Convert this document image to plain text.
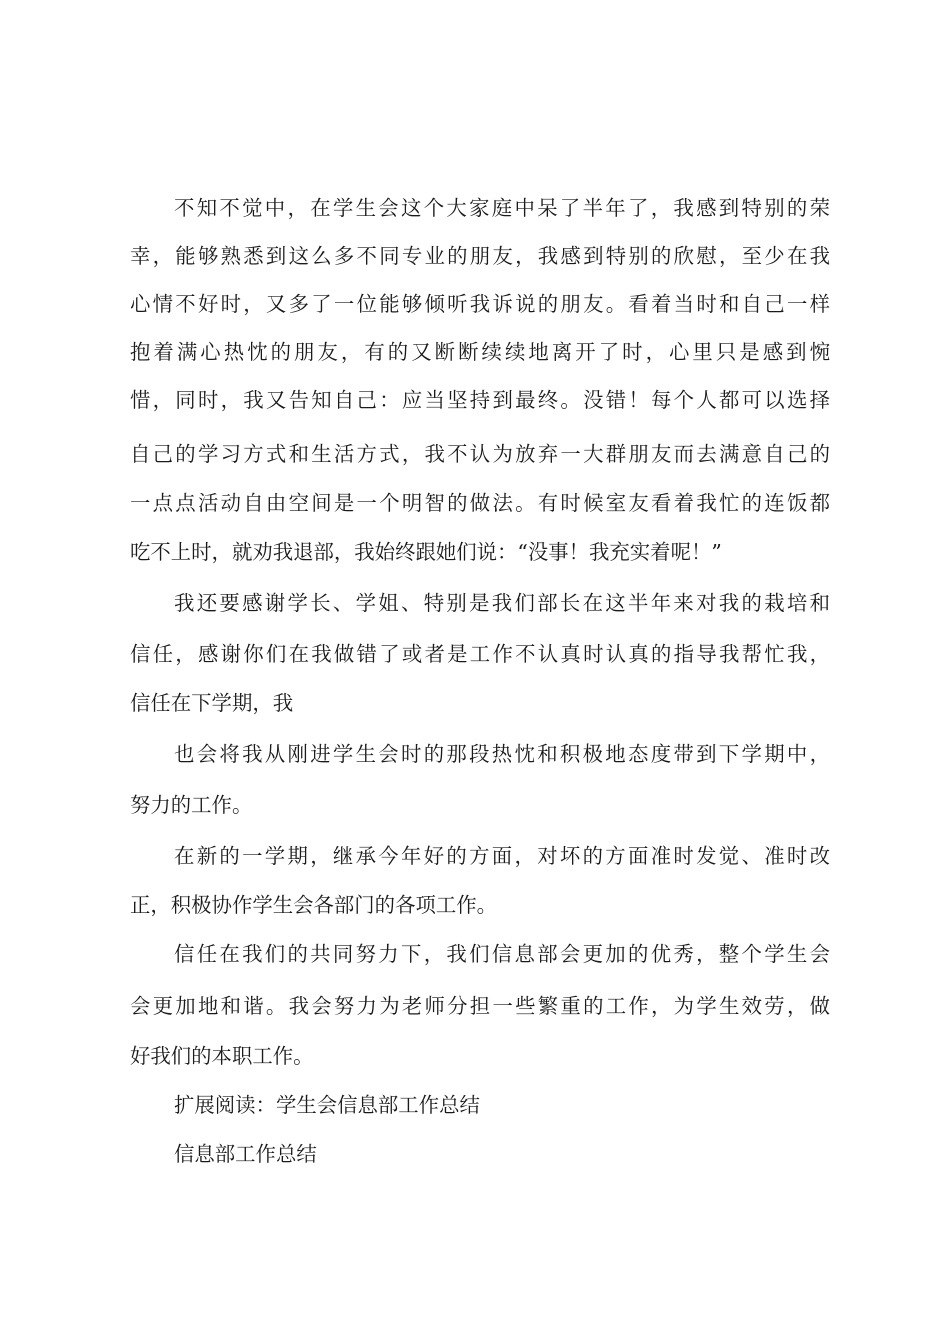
不知不觉中，在学生会这个大家庭中呆了半年了，我感到特别的荣
幸，能够熟悉到这么多不同专业的朋友，我感到特别的欣慰，至少在我
心情不好时，又多了一位能够倾听我诉说的朋友。看着当时和自己一样
抱着满心热忱的朋友，有的又断断续续地离开了时，心里只是感到惋
惜，同时，我又告知自己：应当坚持到最终。没错！每个人都可以选择
自己的学习方式和生活方式，我不认为放弃一大群朋友而去满意自己的
一点点活动自由空间是一个明智的做法。有时候室友看着我忙的连饭都
吃不上时，就劝我退部，我始终跟她们说：“没事！我充实着呢！”
我还要感谢学长、学姐、特别是我们部长在这半年来对我的栽培和
信任，感谢你们在我做错了或者是工作不认真时认真的指导我帮忙我，
信任在下学期，我
也会将我从刚进学生会时的那段热忱和积极地态度带到下学期中，
努力的工作。
在新的一学期，继承今年好的方面，对坏的方面准时发觉、准时改
正，积极协作学生会各部门的各项工作。
信任在我们的共同努力下，我们信息部会更加的优秀，整个学生会
会更加地和谐。我会努力为老师分担一些繁重的工作，为学生效劳，做
好我们的本职工作。
扩展阅读：学生会信息部工作总结
信息部工作总结
